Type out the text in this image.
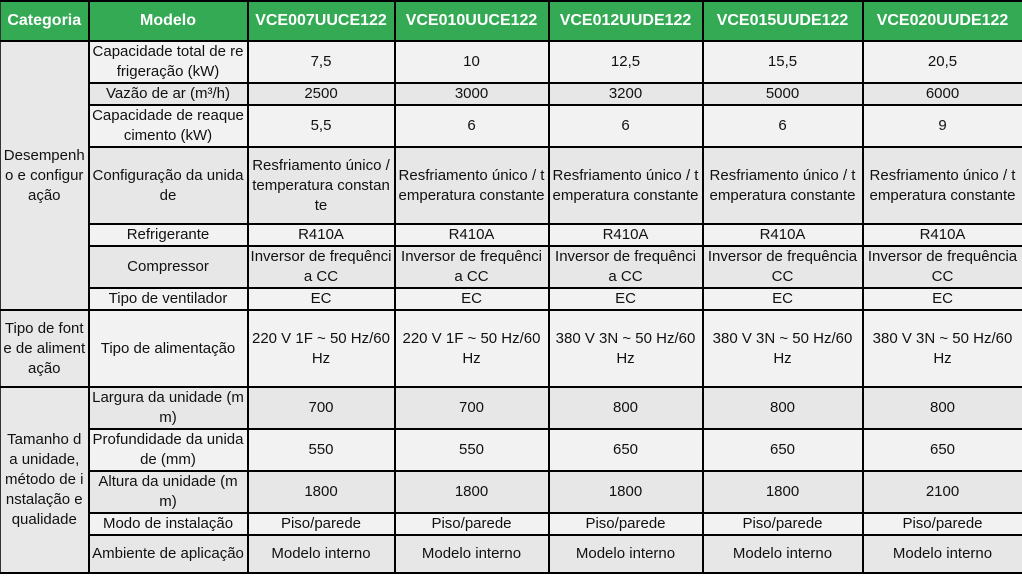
Categoria	Modelo	VCE007UUCE122	VCE010UUCE122	VCE012UUDE122	VCE015UUDE122	VCE020UUDE122
Desempenho e configuração	Capacidade total de refrigeração (kW)	7,5	10	12,5	15,5	20,5
	Vazão de ar (m³/h)	2500	3000	3200	5000	6000
	Capacidade de reaquecimento (kW)	5,5	6	6	6	9
	Configuração da unidade	Resfriamento único / temperatura constante	Resfriamento único / temperatura constante	Resfriamento único / temperatura constante	Resfriamento único / temperatura constante	Resfriamento único / temperatura constante
	Refrigerante	R410A	R410A	R410A	R410A	R410A
	Compressor	Inversor de frequência CC	Inversor de frequência CC	Inversor de frequência CC	Inversor de frequência CC	Inversor de frequência CC
	Tipo de ventilador	EC	EC	EC	EC	EC
Tipo de fonte de alimentação	Tipo de alimentação	220 V 1F ~ 50 Hz/60 Hz	220 V 1F ~ 50 Hz/60 Hz	380 V 3N ~ 50 Hz/60 Hz	380 V 3N ~ 50 Hz/60 Hz	380 V 3N ~ 50 Hz/60 Hz
Tamanho da unidade, método de instalação e qualidade	Largura da unidade (mm)	700	700	800	800	800
	Profundidade da unidade (mm)	550	550	650	650	650
	Altura da unidade (mm)	1800	1800	1800	1800	2100
	Modo de instalação	Piso/parede	Piso/parede	Piso/parede	Piso/parede	Piso/parede
	Ambiente de aplicação	Modelo interno	Modelo interno	Modelo interno	Modelo interno	Modelo interno
